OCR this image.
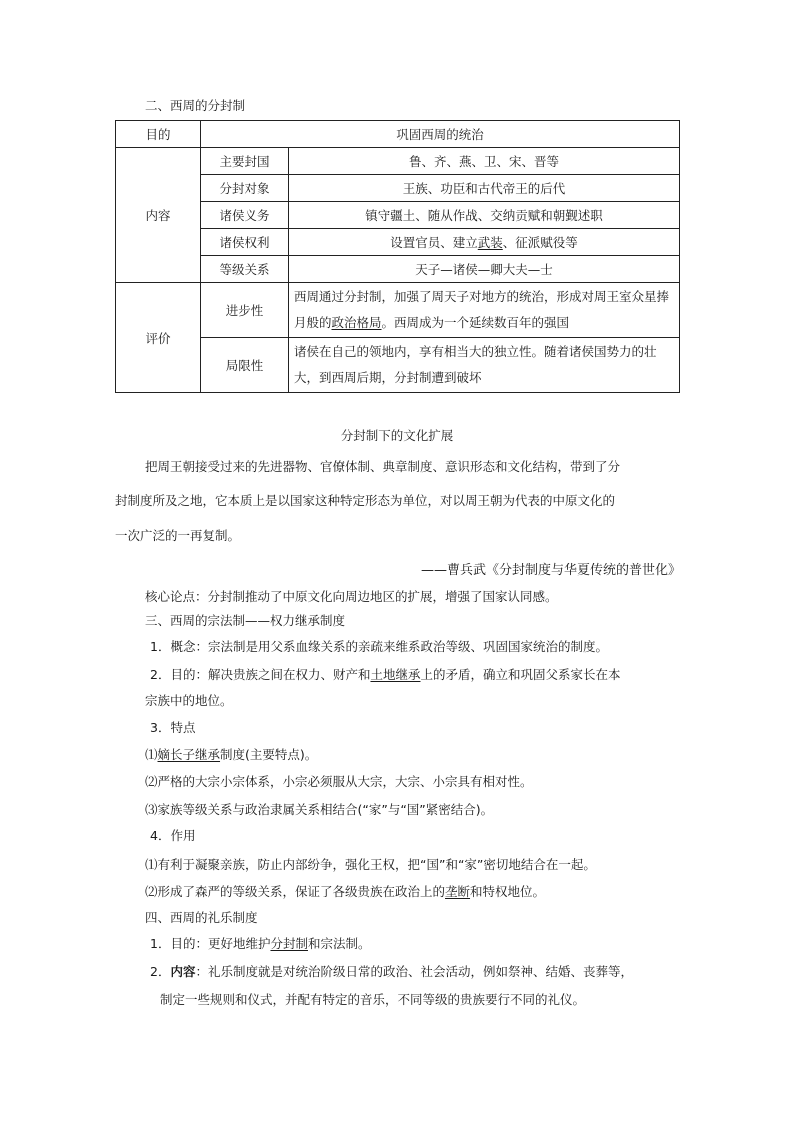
二、西周的分封制
目的	巩固西周的统治	
内容	主要封国	鲁、齐、燕、卫、宋、晋等
	分封对象	王族、功臣和古代帝王的后代
	诸侯义务	镇守疆土、随从作战、交纳贡赋和朝觐述职
	诸侯权利	设置官员、建立武装、征派赋役等
	等级关系	天子—诸侯—卿大夫—士
评价	进步性	西周通过分封制，加强了周天子对地方的统治，形成对周王室众星捧月般的政治格局。西周成为一个延续数百年的强国
	局限性	诸侯在自己的领地内，享有相当大的独立性。随着诸侯国势力的壮大，到西周后期，分封制遭到破坏
分封制下的文化扩展
把周王朝接受过来的先进器物、官僚体制、典章制度、意识形态和文化结构，带到了分
封制度所及之地，它本质上是以国家这种特定形态为单位，对以周王朝为代表的中原文化的
一次广泛的一再复制。
——曹兵武《分封制度与华夏传统的普世化》
核心论点：分封制推动了中原文化向周边地区的扩展，增强了国家认同感。
三、西周的宗法制——权力继承制度
1．概念：宗法制是用父系血缘关系的亲疏来维系政治等级、巩固国家统治的制度。
2．目的：解决贵族之间在权力、财产和土地继承上的矛盾，确立和巩固父系家长在本
宗族中的地位。
3．特点
⑴嫡长子继承制度(主要特点)。
⑵严格的大宗小宗体系，小宗必须服从大宗，大宗、小宗具有相对性。
⑶家族等级关系与政治隶属关系相结合(“家”与“国”紧密结合)。
4．作用
⑴有利于凝聚亲族，防止内部纷争，强化王权，把“国”和“家”密切地结合在一起。
⑵形成了森严的等级关系，保证了各级贵族在政治上的垄断和特权地位。
四、西周的礼乐制度
1．目的：更好地维护分封制和宗法制。
2．内容：礼乐制度就是对统治阶级日常的政治、社会活动，例如祭神、结婚、丧葬等，
制定一些规则和仪式，并配有特定的音乐，不同等级的贵族要行不同的礼仪。
